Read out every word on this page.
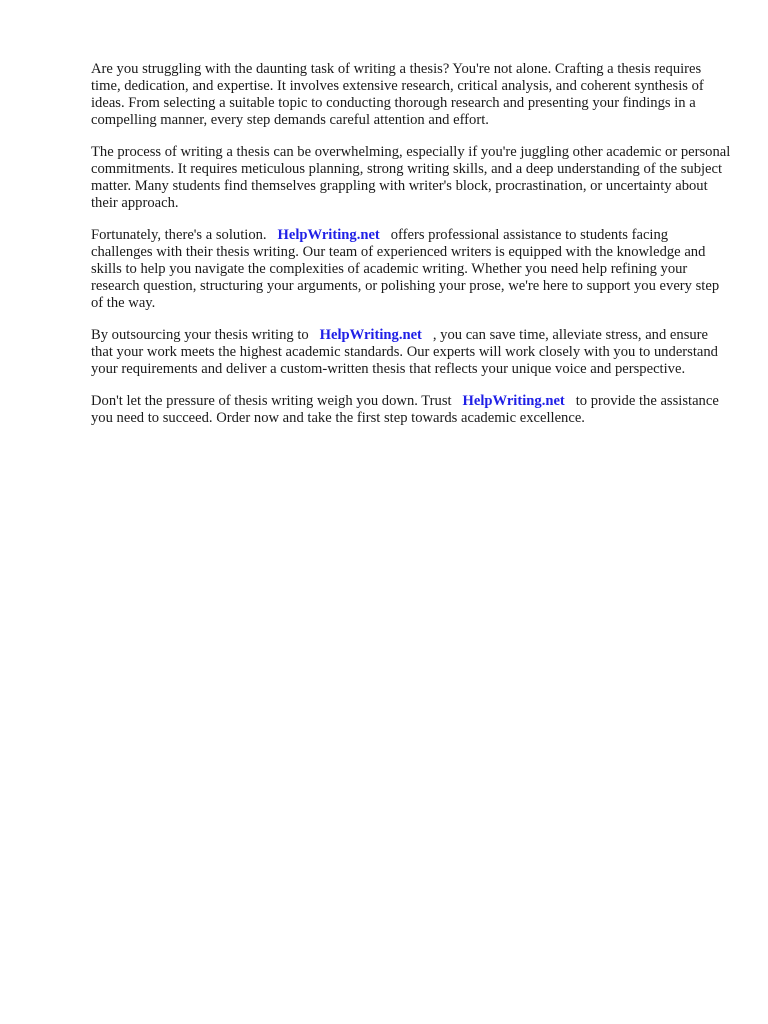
Are you struggling with the daunting task of writing a thesis? You're not alone. Crafting a thesis requires time, dedication, and expertise. It involves extensive research, critical analysis, and coherent synthesis of ideas. From selecting a suitable topic to conducting thorough research and presenting your findings in a compelling manner, every step demands careful attention and effort.

The process of writing a thesis can be overwhelming, especially if you're juggling other academic or personal commitments. It requires meticulous planning, strong writing skills, and a deep understanding of the subject matter. Many students find themselves grappling with writer's block, procrastination, or uncertainty about their approach.

Fortunately, there's a solution. HelpWriting.net offers professional assistance to students facing challenges with their thesis writing. Our team of experienced writers is equipped with the knowledge and skills to help you navigate the complexities of academic writing. Whether you need help refining your research question, structuring your arguments, or polishing your prose, we're here to support you every step of the way.

By outsourcing your thesis writing to HelpWriting.net , you can save time, alleviate stress, and ensure that your work meets the highest academic standards. Our experts will work closely with you to understand your requirements and deliver a custom-written thesis that reflects your unique voice and perspective.

Don't let the pressure of thesis writing weigh you down. Trust HelpWriting.net to provide the assistance you need to succeed. Order now and take the first step towards academic excellence.
